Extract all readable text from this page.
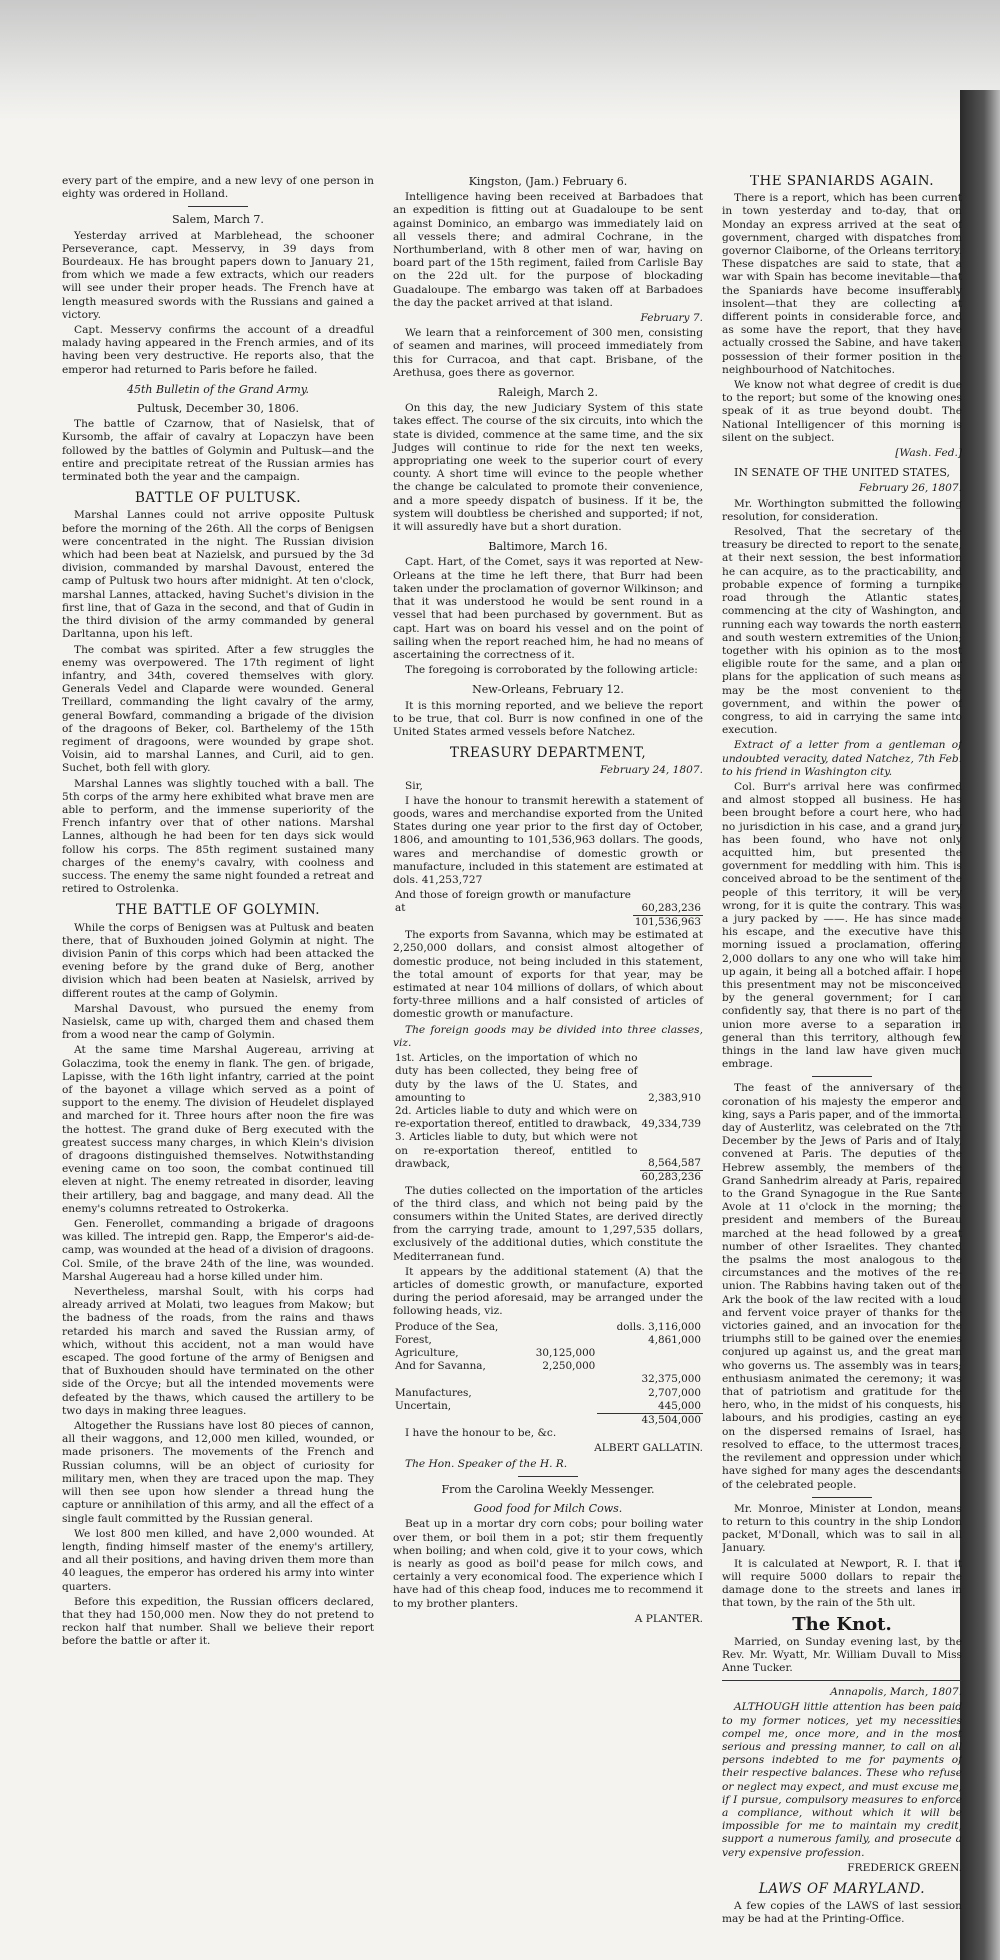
every part of the empire, and a new levy of one person in eighty was ordered in Holland.

Salem, March 7.

Yesterday arrived at Marblehead, the schooner Perseverance, capt. Messervy, in 39 days from Bourdeaux. He has brought papers down to January 21, from which we made a few extracts, which our readers will see under their proper heads. The French have at length measured swords with the Russians and gained a victory.

Capt. Messervy confirms the account of a dreadful malady having appeared in the French armies, and of its having been very destructive. He reports also, that the emperor had returned to Paris before he failed.

45th Bulletin of the Grand Army.

Pultusk, December 30, 1806.

The battle of Czarnow, that of Nasielsk, that of Kursomb, the affair of cavalry at Lopaczyn have been followed by the battles of Golymin and Pultusk—and the entire and precipitate retreat of the Russian armies has terminated both the year and the campaign.

BATTLE OF PULTUSK.

Marshal Lannes could not arrive opposite Pultusk before the morning of the 26th. All the corps of Benigsen were concentrated in the night. The Russian division which had been beat at Nazielsk, and pursued by the 3d division, commanded by marshal Davoust, entered the camp of Pultusk two hours after midnight. At ten o'clock, marshal Lannes, attacked, having Suchet's division in the first line, that of Gaza in the second, and that of Gudin in the third division of the army commanded by general Darltanna, upon his left.

The combat was spirited. After a few struggles the enemy was overpowered. The 17th regiment of light infantry, and 34th, covered themselves with glory. Generals Vedel and Claparde were wounded. General Treillard, commanding the light cavalry of the army, general Bowfard, commanding a brigade of the division of the dragoons of Beker, col. Barthelemy of the 15th regiment of dragoons, were wounded by grape shot. Voisin, aid to marshal Lannes, and Curil, aid to gen. Suchet, both fell with glory.

Marshal Lannes was slightly touched with a ball. The 5th corps of the army here exhibited what brave men are able to perform, and the immense superiority of the French infantry over that of other nations. Marshal Lannes, although he had been for ten days sick would follow his corps. The 85th regiment sustained many charges of the enemy's cavalry, with coolness and success. The enemy the same night founded a retreat and retired to Ostrolenka.

THE BATTLE OF GOLYMIN.

While the corps of Benigsen was at Pultusk and beaten there, that of Buxhouden joined Golymin at night. The division Panin of this corps which had been attacked the evening before by the grand duke of Berg, another division which had been beaten at Nasielsk, arrived by different routes at the camp of Golymin.

Marshal Davoust, who pursued the enemy from Nasielsk, came up with, charged them and chased them from a wood near the camp of Golymin.

At the same time Marshal Augereau, arriving at Golaczima, took the enemy in flank. The gen. of brigade, Lapisse, with the 16th light infantry, carried at the point of the bayonet a village which served as a point of support to the enemy. The division of Heudelet displayed and marched for it. Three hours after noon the fire was the hottest. The grand duke of Berg executed with the greatest success many charges, in which Klein's division of dragoons distinguished themselves. Notwithstanding evening came on too soon, the combat continued till eleven at night. The enemy retreated in disorder, leaving their artillery, bag and baggage, and many dead. All the enemy's columns retreated to Ostrokerka.

Gen. Fenerollet, commanding a brigade of dragoons was killed. The intrepid gen. Rapp, the Emperor's aid-de-camp, was wounded at the head of a division of dragoons. Col. Smile, of the brave 24th of the line, was wounded. Marshal Augereau had a horse killed under him.

Nevertheless, marshal Soult, with his corps had already arrived at Molati, two leagues from Makow; but the badness of the roads, from the rains and thaws retarded his march and saved the Russian army, of which, without this accident, not a man would have escaped. The good fortune of the army of Benigsen and that of Buxhouden should have terminated on the other side of the Orcye; but all the intended movements were defeated by the thaws, which caused the artillery to be two days in making three leagues.

Altogether the Russians have lost 80 pieces of cannon, all their waggons, and 12,000 men killed, wounded, or made prisoners. The movements of the French and Russian columns, will be an object of curiosity for military men, when they are traced upon the map. They will then see upon how slender a thread hung the capture or annihilation of this army, and all the effect of a single fault committed by the Russian general.

We lost 800 men killed, and have 2,000 wounded. At length, finding himself master of the enemy's artillery, and all their positions, and having driven them more than 40 leagues, the emperor has ordered his army into winter quarters.

Before this expedition, the Russian officers declared, that they had 150,000 men. Now they do not pretend to reckon half that number. Shall we believe their report before the battle or after it.

Kingston, (Jam.) February 6.

Intelligence having been received at Barbadoes that an expedition is fitting out at Guadaloupe to be sent against Dominico, an embargo was immediately laid on all vessels there; and admiral Cochrane, in the Northumberland, with 8 other men of war, having on board part of the 15th regiment, failed from Carlisle Bay on the 22d ult. for the purpose of blockading Guadaloupe. The embargo was taken off at Barbadoes the day the packet arrived at that island.

February 7.

We learn that a reinforcement of 300 men, consisting of seamen and marines, will proceed immediately from this for Curracoa, and that capt. Brisbane, of the Arethusa, goes there as governor.

Raleigh, March 2.

On this day, the new Judiciary System of this state takes effect. The course of the six circuits, into which the state is divided, commence at the same time, and the six Judges will continue to ride for the next ten weeks, appropriating one week to the superior court of every county. A short time will evince to the people whether the change be calculated to promote their convenience, and a more speedy dispatch of business. If it be, the system will doubtless be cherished and supported; if not, it will assuredly have but a short duration.

Baltimore, March 16.

Capt. Hart, of the Comet, says it was reported at New-Orleans at the time he left there, that Burr had been taken under the proclamation of governor Wilkinson; and that it was understood he would be sent round in a vessel that had been purchased by government. But as capt. Hart was on board his vessel and on the point of sailing when the report reached him, he had no means of ascertaining the correctness of it.

The foregoing is corroborated by the following article:

New-Orleans, February 12.

It is this morning reported, and we believe the report to be true, that col. Burr is now confined in one of the United States armed vessels before Natchez.

TREASURY DEPARTMENT,

February 24, 1807.

Sir,

I have the honour to transmit herewith a statement of goods, wares and merchandise exported from the United States during one year prior to the first day of October, 1806, and amounting to 101,536,963 dollars. The goods, wares and merchandise of domestic growth or manufacture, included in this statement are estimated at dols. 41,253,727

And those of foreign growth or manufacture at	60,283,236
	101,536,963

The exports from Savanna, which may be estimated at 2,250,000 dollars, and consist almost altogether of domestic produce, not being included in this statement, the total amount of exports for that year, may be estimated at near 104 millions of dollars, of which about forty-three millions and a half consisted of articles of domestic growth or manufacture.

The foreign goods may be divided into three classes, viz.

1st. Articles, on the importation of which no duty has been collected, they being free of duty by the laws of the U. States, and amounting to	2,383,910
2d. Articles liable to duty and which were on re-exportation thereof, entitled to drawback,	49,334,739
3. Articles liable to duty, but which were not on re-exportation thereof, entitled to drawback,	8,564,587
	60,283,236

The duties collected on the importation of the articles of the third class, and which not being paid by the consumers within the United States, are derived directly from the carrying trade, amount to 1,297,535 dollars, exclusively of the additional duties, which constitute the Mediterranean fund.

It appears by the additional statement (A) that the articles of domestic growth, or manufacture, exported during the period aforesaid, may be arranged under the following heads, viz.

Produce of the Sea,		dolls. 3,116,000
Forest,		4,861,000
Agriculture,	30,125,000	
And for Savanna,	2,250,000	
		32,375,000
Manufactures,		2,707,000
Uncertain,		445,000
		43,504,000

I have the honour to be, &c.

ALBERT GALLATIN.

The Hon. Speaker of the H. R.

From the Carolina Weekly Messenger.

Good food for Milch Cows.

Beat up in a mortar dry corn cobs; pour boiling water over them, or boil them in a pot; stir them frequently when boiling; and when cold, give it to your cows, which is nearly as good as boil'd pease for milch cows, and certainly a very economical food. The experience which I have had of this cheap food, induces me to recommend it to my brother planters.

A PLANTER.

THE SPANIARDS AGAIN.

There is a report, which has been current in town yesterday and to-day, that on Monday an express arrived at the seat of government, charged with dispatches from governor Claiborne, of the Orleans territory. These dispatches are said to state, that a war with Spain has become inevitable—that the Spaniards have become insufferably insolent—that they are collecting at different points in considerable force, and as some have the report, that they have actually crossed the Sabine, and have taken possession of their former position in the neighbourhood of Natchitoches.

We know not what degree of credit is due to the report; but some of the knowing ones speak of it as true beyond doubt. The National Intelligencer of this morning is silent on the subject.

[Wash. Fed.]

IN SENATE OF THE UNITED STATES,

February 26, 1807.

Mr. Worthington submitted the following resolution, for consideration.

Resolved, That the secretary of the treasury be directed to report to the senate, at their next session, the best information he can acquire, as to the practicability, and probable expence of forming a turnpike road through the Atlantic states, commencing at the city of Washington, and running each way towards the north eastern and south western extremities of the Union; together with his opinion as to the most eligible route for the same, and a plan or plans for the application of such means as may be the most convenient to the government, and within the power of congress, to aid in carrying the same into execution.

Extract of a letter from a gentleman of undoubted veracity, dated Natchez, 7th Feb. to his friend in Washington city.

Col. Burr's arrival here was confirmed and almost stopped all business. He has been brought before a court here, who had no jurisdiction in his case, and a grand jury has been found, who have not only acquitted him, but presented the government for meddling with him. This is conceived abroad to be the sentiment of the people of this territory, it will be very wrong, for it is quite the contrary. This was a jury packed by ——. He has since made his escape, and the executive have this morning issued a proclamation, offering 2,000 dollars to any one who will take him up again, it being all a botched affair. I hope this presentment may not be misconceived by the general government; for I can confidently say, that there is no part of the union more averse to a separation in general than this territory, although few things in the land law have given much embrage.

The feast of the anniversary of the coronation of his majesty the emperor and king, says a Paris paper, and of the immortal day of Austerlitz, was celebrated on the 7th December by the Jews of Paris and of Italy, convened at Paris. The deputies of the Hebrew assembly, the members of the Grand Sanhedrim already at Paris, repaired to the Grand Synagogue in the Rue Sante Avole at 11 o'clock in the morning; the president and members of the Bureau marched at the head followed by a great number of other Israelites. They chanted the psalms the most analogous to the circumstances and the motives of the re-union. The Rabbins having taken out of the Ark the book of the law recited with a loud and fervent voice prayer of thanks for the victories gained, and an invocation for the triumphs still to be gained over the enemies conjured up against us, and the great man who governs us. The assembly was in tears; enthusiasm animated the ceremony; it was that of patriotism and gratitude for the hero, who, in the midst of his conquests, his labours, and his prodigies, casting an eye on the dispersed remains of Israel, has resolved to efface, to the uttermost traces, the revilement and oppression under which have sighed for many ages the descendants of the celebrated people.

Mr. Monroe, Minister at London, means to return to this country in the ship London packet, M'Donall, which was to sail in all January.

It is calculated at Newport, R. I. that it will require 5000 dollars to repair the damage done to the streets and lanes in that town, by the rain of the 5th ult.

The Knot.

Married, on Sunday evening last, by the Rev. Mr. Wyatt, Mr. William Duvall to Miss Anne Tucker.

Annapolis, March, 1807.

ALTHOUGH little attention has been paid to my former notices, yet my necessities compel me, once more, and in the most serious and pressing manner, to call on all persons indebted to me for payments of their respective balances. These who refuse or neglect may expect, and must excuse me, if I pursue, compulsory measures to enforce a compliance, without which it will be impossible for me to maintain my credit, support a numerous family, and prosecute a very expensive profession.

FREDERICK GREEN.

LAWS OF MARYLAND.

A few copies of the LAWS of last session may be had at the Printing-Office.
